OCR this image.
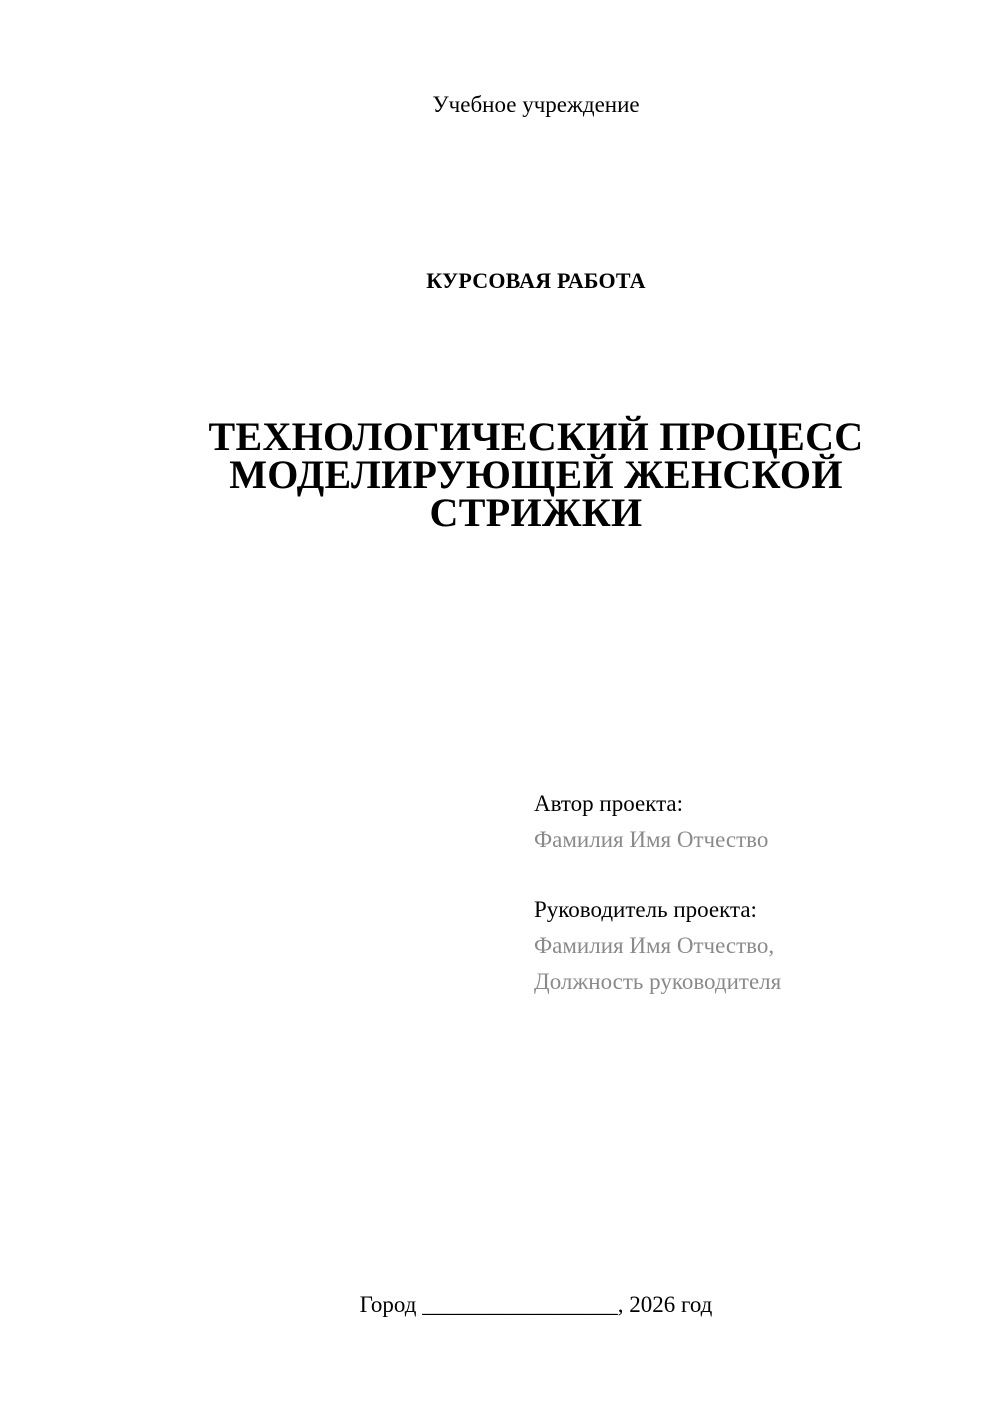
Учебное учреждение
КУРСОВАЯ РАБОТА
ТЕХНОЛОГИЧЕСКИЙ ПРОЦЕСС
МОДЕЛИРУЮЩЕЙ ЖЕНСКОЙ
СТРИЖКИ
Автор проекта:
Фамилия Имя Отчество
Руководитель проекта:
Фамилия Имя Отчество,
Должность руководителя
Город _________________, 2026 год
